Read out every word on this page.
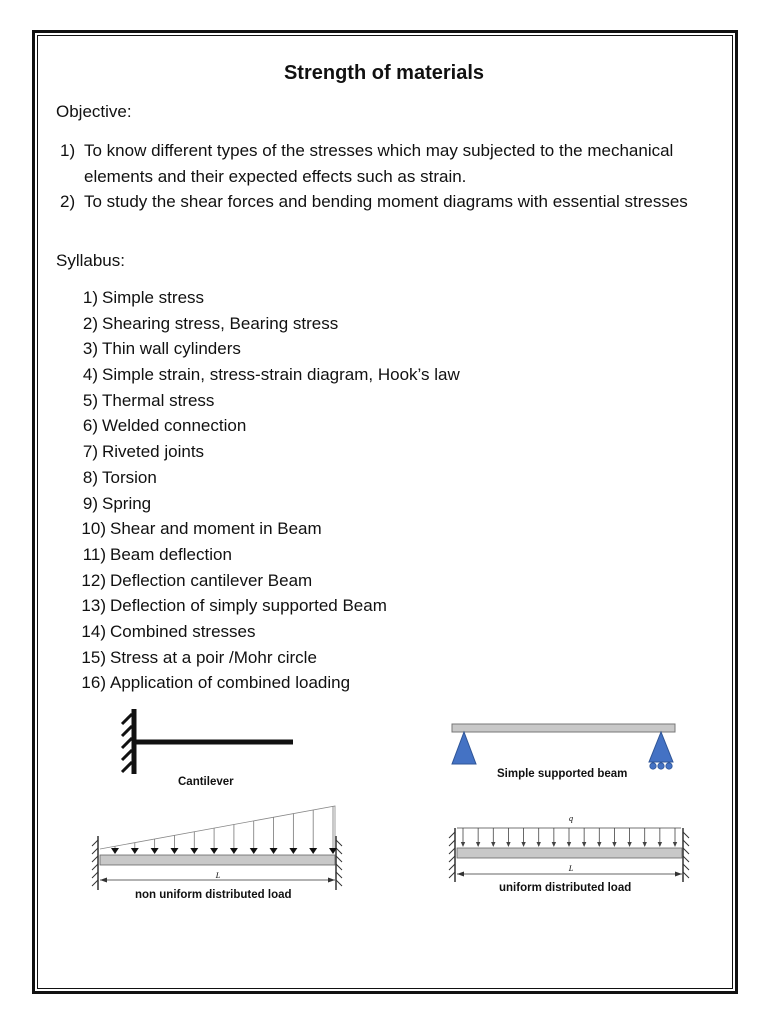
Strength of materials
Objective:
1) To know different types of the stresses which may subjected to the mechanical elements and their expected effects such as strain.
2) To study the shear forces and bending moment diagrams with essential stresses
Syllabus:
1) Simple stress
2) Shearing stress, Bearing stress
3) Thin wall cylinders
4) Simple strain, stress-strain diagram, Hook’s law
5) Thermal stress
6) Welded connection
7) Riveted joints
8) Torsion
9) Spring
10) Shear and moment in Beam
11) Beam deflection
12) Deflection cantilever Beam
13) Deflection of simply supported Beam
14) Combined stresses
15) Stress at a poir /Mohr circle
16) Application of combined loading
Cantilever
Simple supported beam
L
non uniform distributed load
q
L
uniform distributed load
